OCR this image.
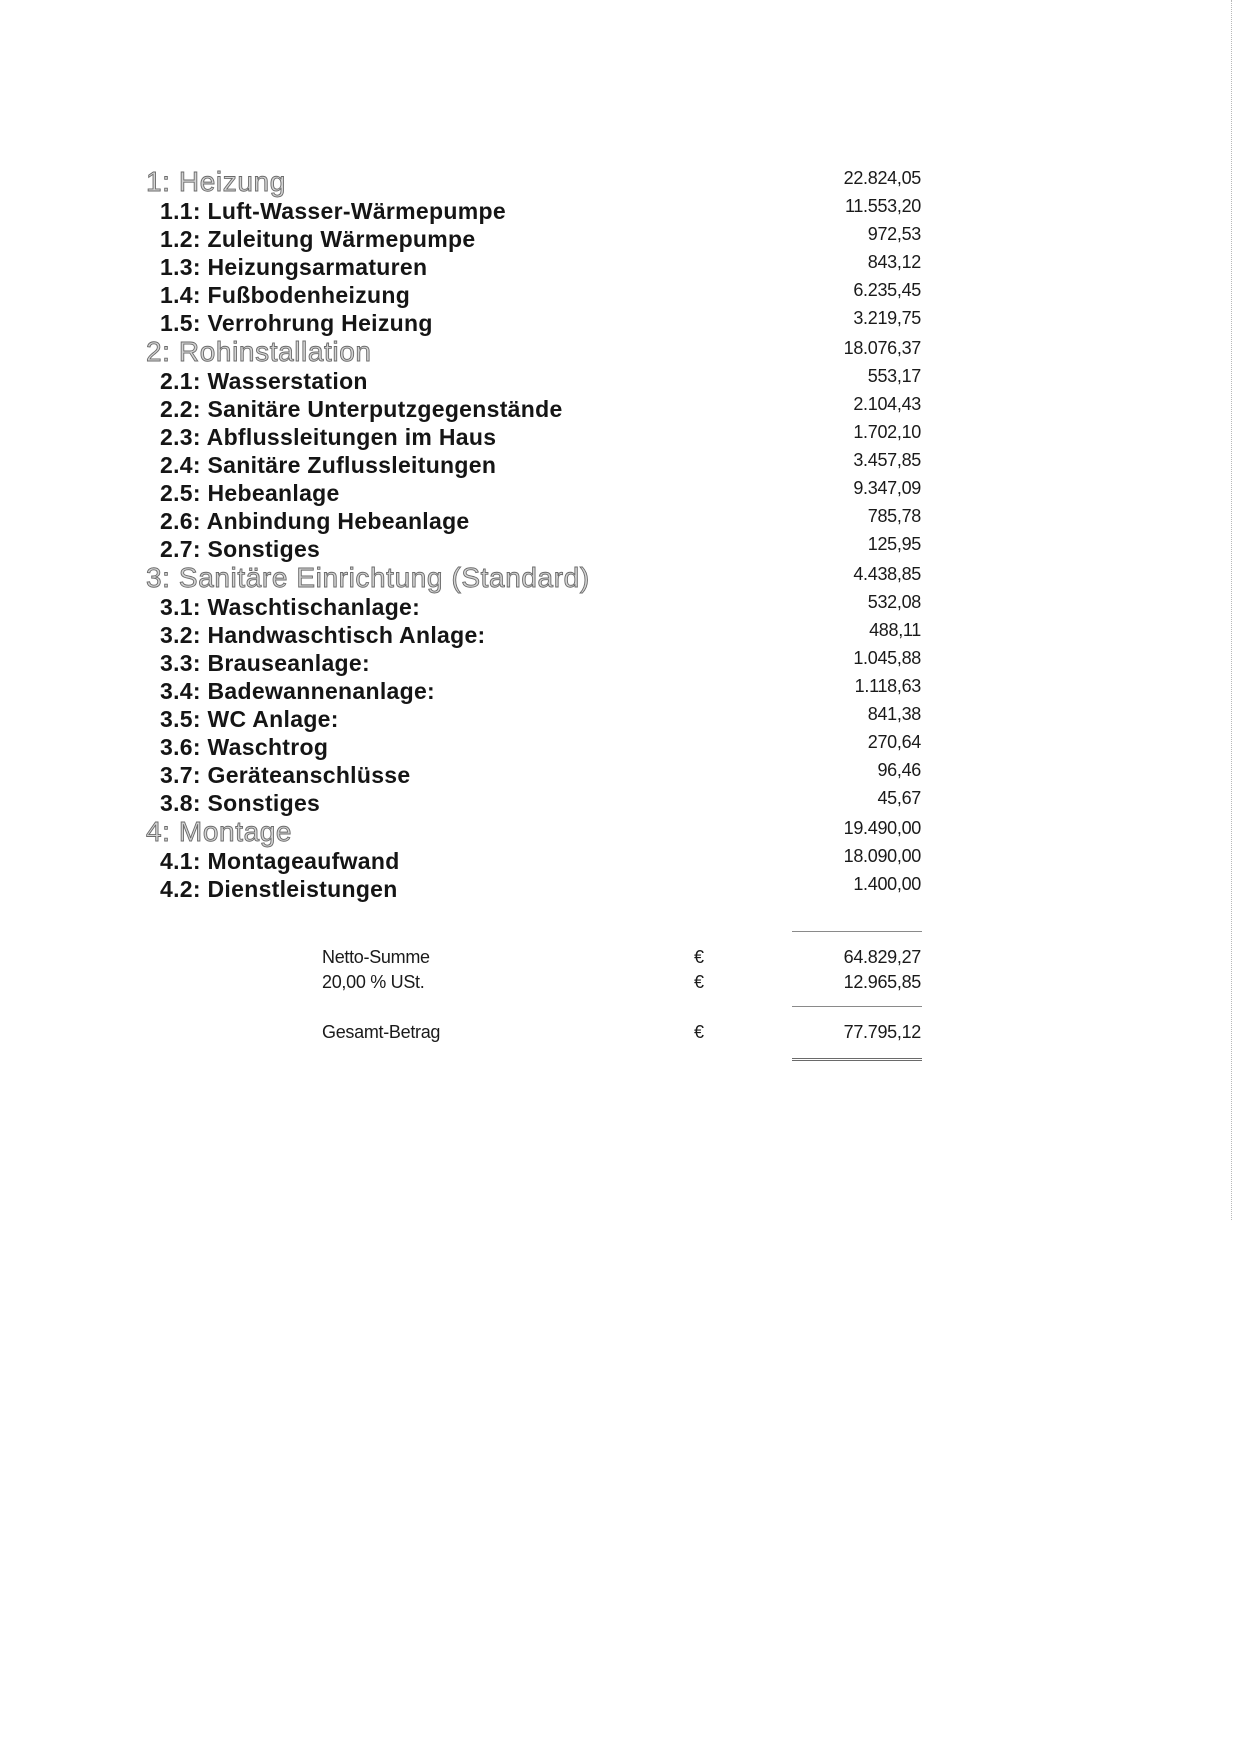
1: Heizung	22.824,05
1.1: Luft-Wasser-Wärmepumpe	11.553,20
1.2: Zuleitung Wärmepumpe	972,53
1.3: Heizungsarmaturen	843,12
1.4: Fußbodenheizung	6.235,45
1.5: Verrohrung Heizung	3.219,75
2: Rohinstallation	18.076,37
2.1: Wasserstation	553,17
2.2: Sanitäre Unterputzgegenstände	2.104,43
2.3: Abflussleitungen im Haus	1.702,10
2.4: Sanitäre Zuflussleitungen	3.457,85
2.5: Hebeanlage	9.347,09
2.6: Anbindung Hebeanlage	785,78
2.7: Sonstiges	125,95
3: Sanitäre Einrichtung (Standard)	4.438,85
3.1: Waschtischanlage:	532,08
3.2: Handwaschtisch Anlage:	488,11
3.3: Brauseanlage:	1.045,88
3.4: Badewannenanlage:	1.118,63
3.5: WC Anlage:	841,38
3.6: Waschtrog	270,64
3.7: Geräteanschlüsse	96,46
3.8: Sonstiges	45,67
4: Montage	19.490,00
4.1: Montageaufwand	18.090,00
4.2: Dienstleistungen	1.400,00
Netto-Summe	€	64.829,27
20,00 % USt.	€	12.965,85
Gesamt-Betrag	€	77.795,12
